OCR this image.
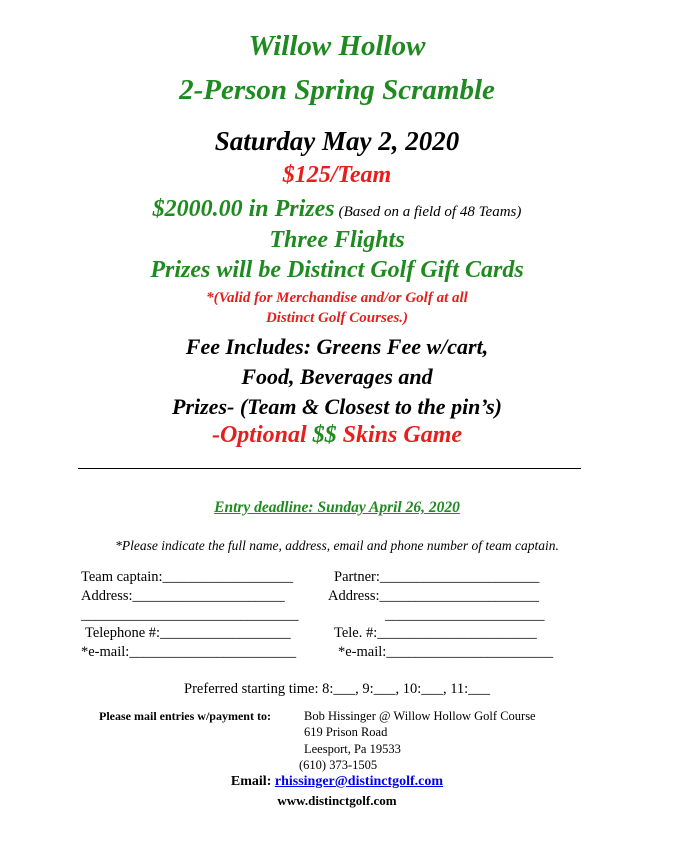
Willow Hollow
2-Person Spring Scramble
Saturday May 2, 2020
$125/Team
$2000.00 in Prizes (Based on a field of 48 Teams)
Three Flights
Prizes will be Distinct Golf Gift Cards
*(Valid for Merchandise and/or Golf at all
Distinct Golf Courses.)
Fee Includes: Greens Fee w/cart,
Food, Beverages and
Prizes- (Team & Closest to the pin’s)
-Optional $$ Skins Game
Entry deadline: Sunday April 26, 2020
*Please indicate the full name, address, email and phone number of team captain.
Team captain:__________________	Partner:______________________
Address:_____________________	Address:______________________
______________________________	______________________
Telephone #:__________________	Tele. #:______________________
*e-mail:_______________________	*e-mail:_______________________
Preferred starting time: 8:___, 9:___, 10:___, 11:___
Please mail entries w/payment to:	Bob Hissinger @ Willow Hollow Golf Course
619 Prison Road
Leesport, Pa 19533
(610) 373-1505
Email: rhissinger@distinctgolf.com
www.distinctgolf.com
